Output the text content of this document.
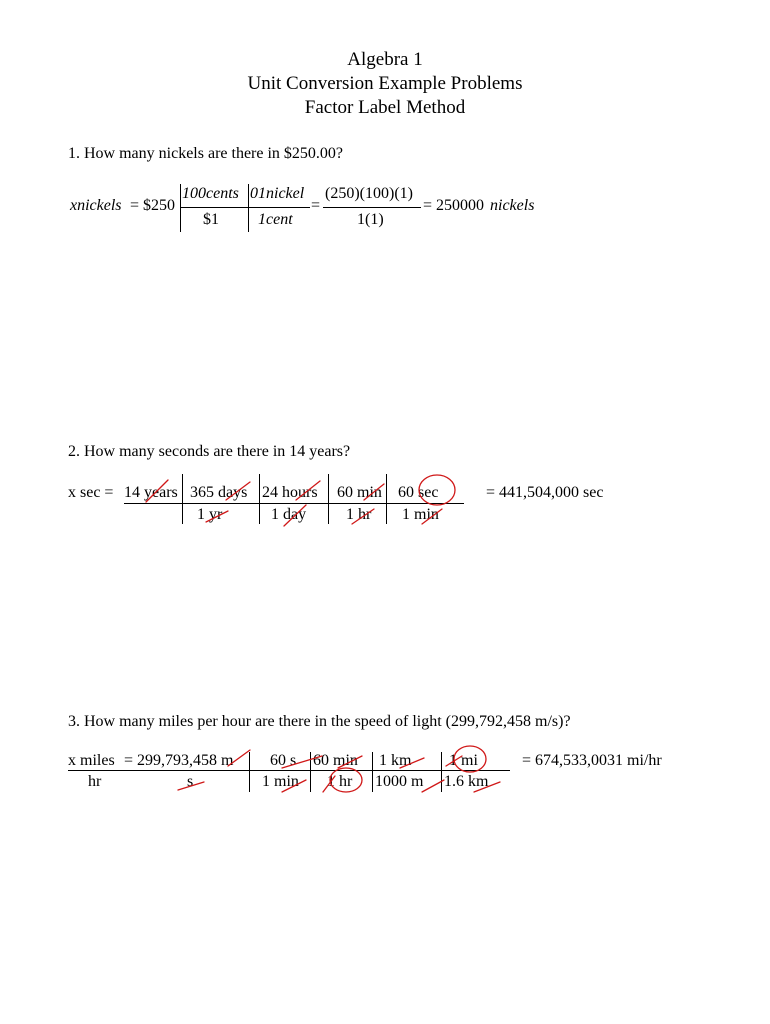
Algebra 1
Unit Conversion Example Problems
Factor Label Method
1. How many nickels are there in $250.00?
xnickels = $250
100cents
$1
01nickel
1cent
=
(250)(100)(1)
1(1)
= 250000 nickels
2. How many seconds are there in 14 years?
x sec = 14 years 365 days
1 yr
24 hours
1 day
60 min
1 hr
60 sec
1 min
= 441,504,000 sec
3. How many miles per hour are there in the speed of light (299,792,458 m/s)?
x miles
hr
= 299,793,458 m
s
60 s
1 min
60 min
1 hr
1 km
1000 m
1 mi
1.6 km
= 674,533,0031 mi/hr
